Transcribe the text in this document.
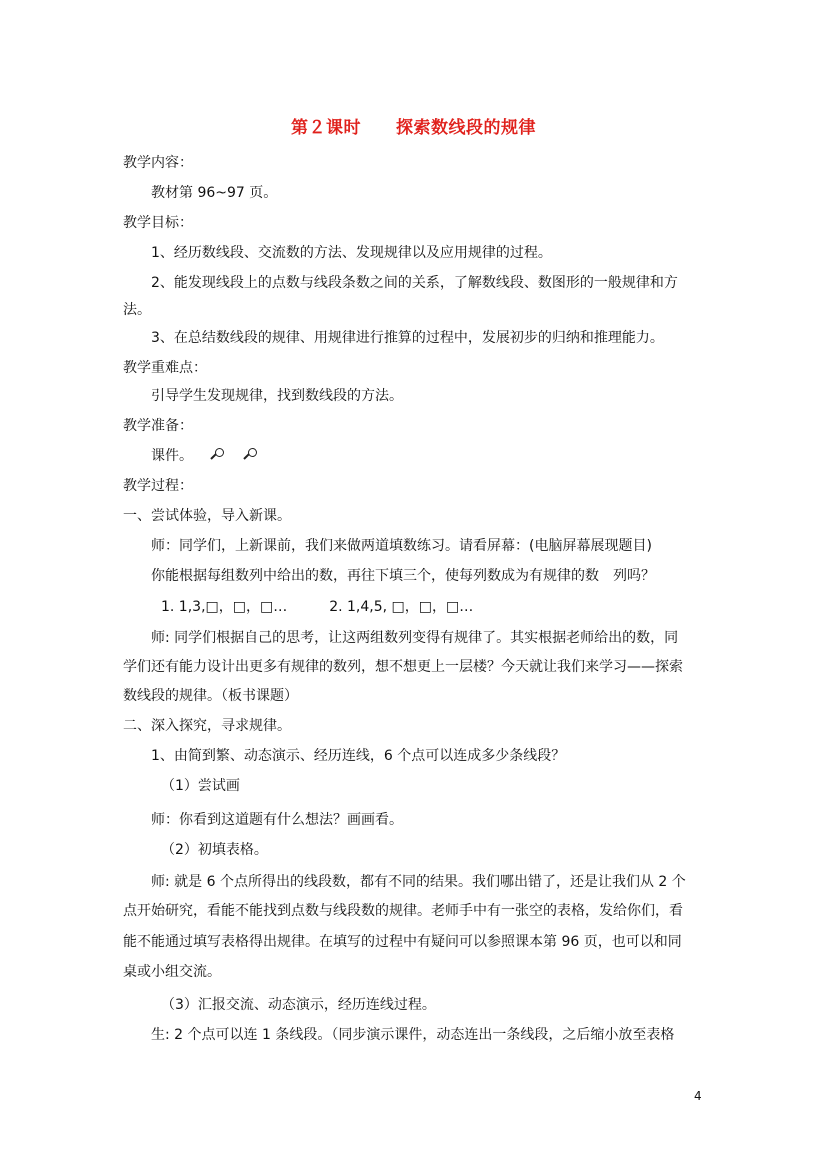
第２课时　　探索数线段的规律
教学内容：
教材第 96~97 页。
教学目标：
1、经历数线段、交流数的方法、发现规律以及应用规律的过程。
2、能发现线段上的点数与线段条数之间的关系，了解数线段、数图形的一般规律和方
法。
3、在总结数线段的规律、用规律进行推算的过程中，发展初步的归纳和推理能力。
教学重难点：
引导学生发现规律，找到数线段的方法。
教学准备：
课件。

教学过程：
一、尝试体验，导入新课。
师：同学们，上新课前，我们来做两道填数练习。请看屏幕：(电脑屏幕展现题目)
你能根据每组数列中给出的数，再往下填三个，使每列数成为有规律的数　列吗？
1. 1,3,□，□，□…　　　2. 1,4,5, □，□，□…
师: 同学们根据自己的思考，让这两组数列变得有规律了。其实根据老师给出的数，同
学们还有能力设计出更多有规律的数列，想不想更上一层楼？今天就让我们来学习——探索
数线段的规律。（板书课题）
二、深入探究，寻求规律。
1、由简到繁、动态演示、经历连线，6 个点可以连成多少条线段？
（1）尝试画
师：你看到这道题有什么想法？画画看。
（2）初填表格。
师: 就是 6 个点所得出的线段数，都有不同的结果。我们哪出错了，还是让我们从 2 个
点开始研究，看能不能找到点数与线段数的规律。老师手中有一张空的表格，发给你们，看
能不能通过填写表格得出规律。在填写的过程中有疑问可以参照课本第 96 页，也可以和同
桌或小组交流。
（3）汇报交流、动态演示，经历连线过程。
生: 2 个点可以连 1 条线段。（同步演示课件，动态连出一条线段，之后缩小放至表格
4
